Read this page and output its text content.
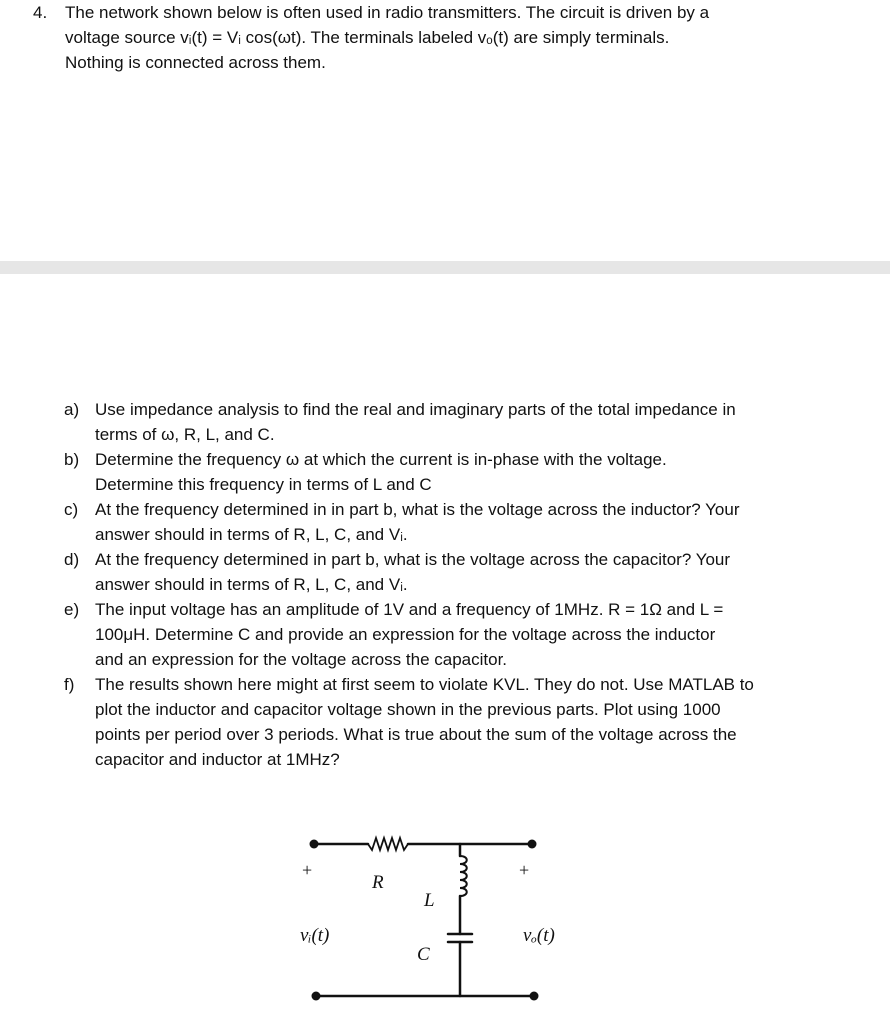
4. The network shown below is often used in radio transmitters. The circuit is driven by a
voltage source vᵢ(t) = Vᵢ cos(ωt). The terminals labeled vₒ(t) are simply terminals.
Nothing is connected across them.
a) Use impedance analysis to find the real and imaginary parts of the total impedance in
terms of ω, R, L, and C.
b) Determine the frequency ω at which the current is in-phase with the voltage.
Determine this frequency in terms of L and C
c) At the frequency determined in in part b, what is the voltage across the inductor? Your
answer should in terms of R, L, C, and Vᵢ.
d) At the frequency determined in part b, what is the voltage across the capacitor? Your
answer should in terms of R, L, C, and Vᵢ.
e) The input voltage has an amplitude of 1V and a frequency of 1MHz. R = 1Ω and L =
100μH. Determine C and provide an expression for the voltage across the inductor
and an expression for the voltage across the capacitor.
f) The results shown here might at first seem to violate KVL. They do not. Use MATLAB to
plot the inductor and capacitor voltage shown in the previous parts. Plot using 1000
points per period over 3 periods. What is true about the sum of the voltage across the
capacitor and inductor at 1MHz?
+	+
R
L
C
vᵢ(t)	vₒ(t)
